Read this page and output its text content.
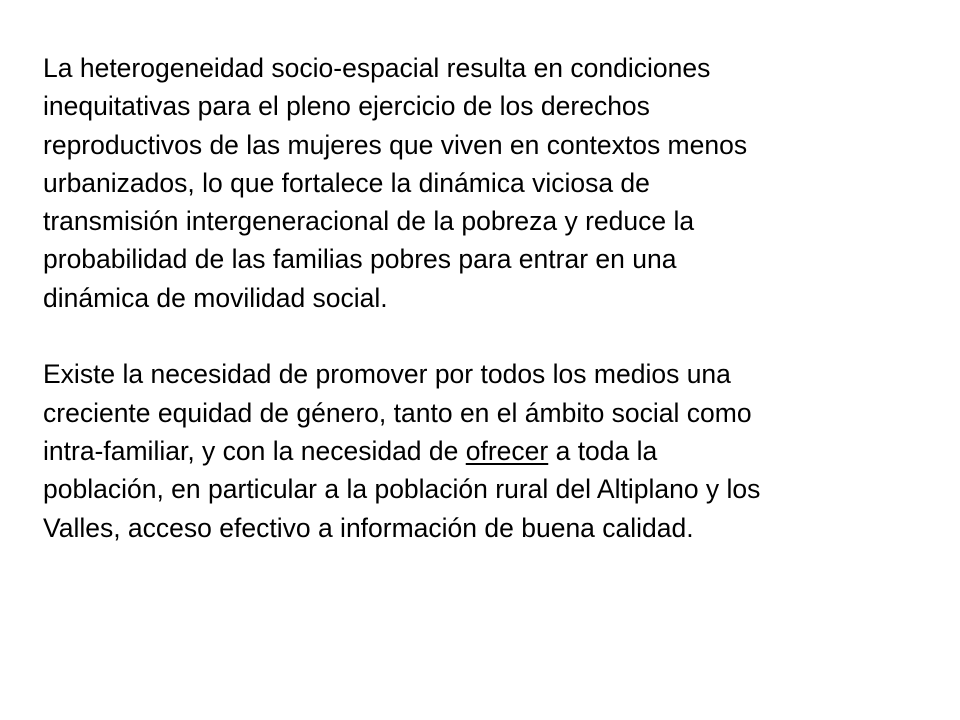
La heterogeneidad socio-espacial resulta en condiciones
inequitativas para el pleno ejercicio de los derechos
reproductivos de las mujeres que viven en contextos menos
urbanizados, lo que fortalece la dinámica viciosa de
transmisión intergeneracional de la pobreza y reduce la
probabilidad de las familias pobres para entrar en una
dinámica de movilidad social.

Existe la necesidad de promover por todos los medios una
creciente equidad de género, tanto en el ámbito social como
intra-familiar, y con la necesidad de ofrecer a toda la
población, en particular a la población rural del Altiplano y los
Valles, acceso efectivo a información de buena calidad.
